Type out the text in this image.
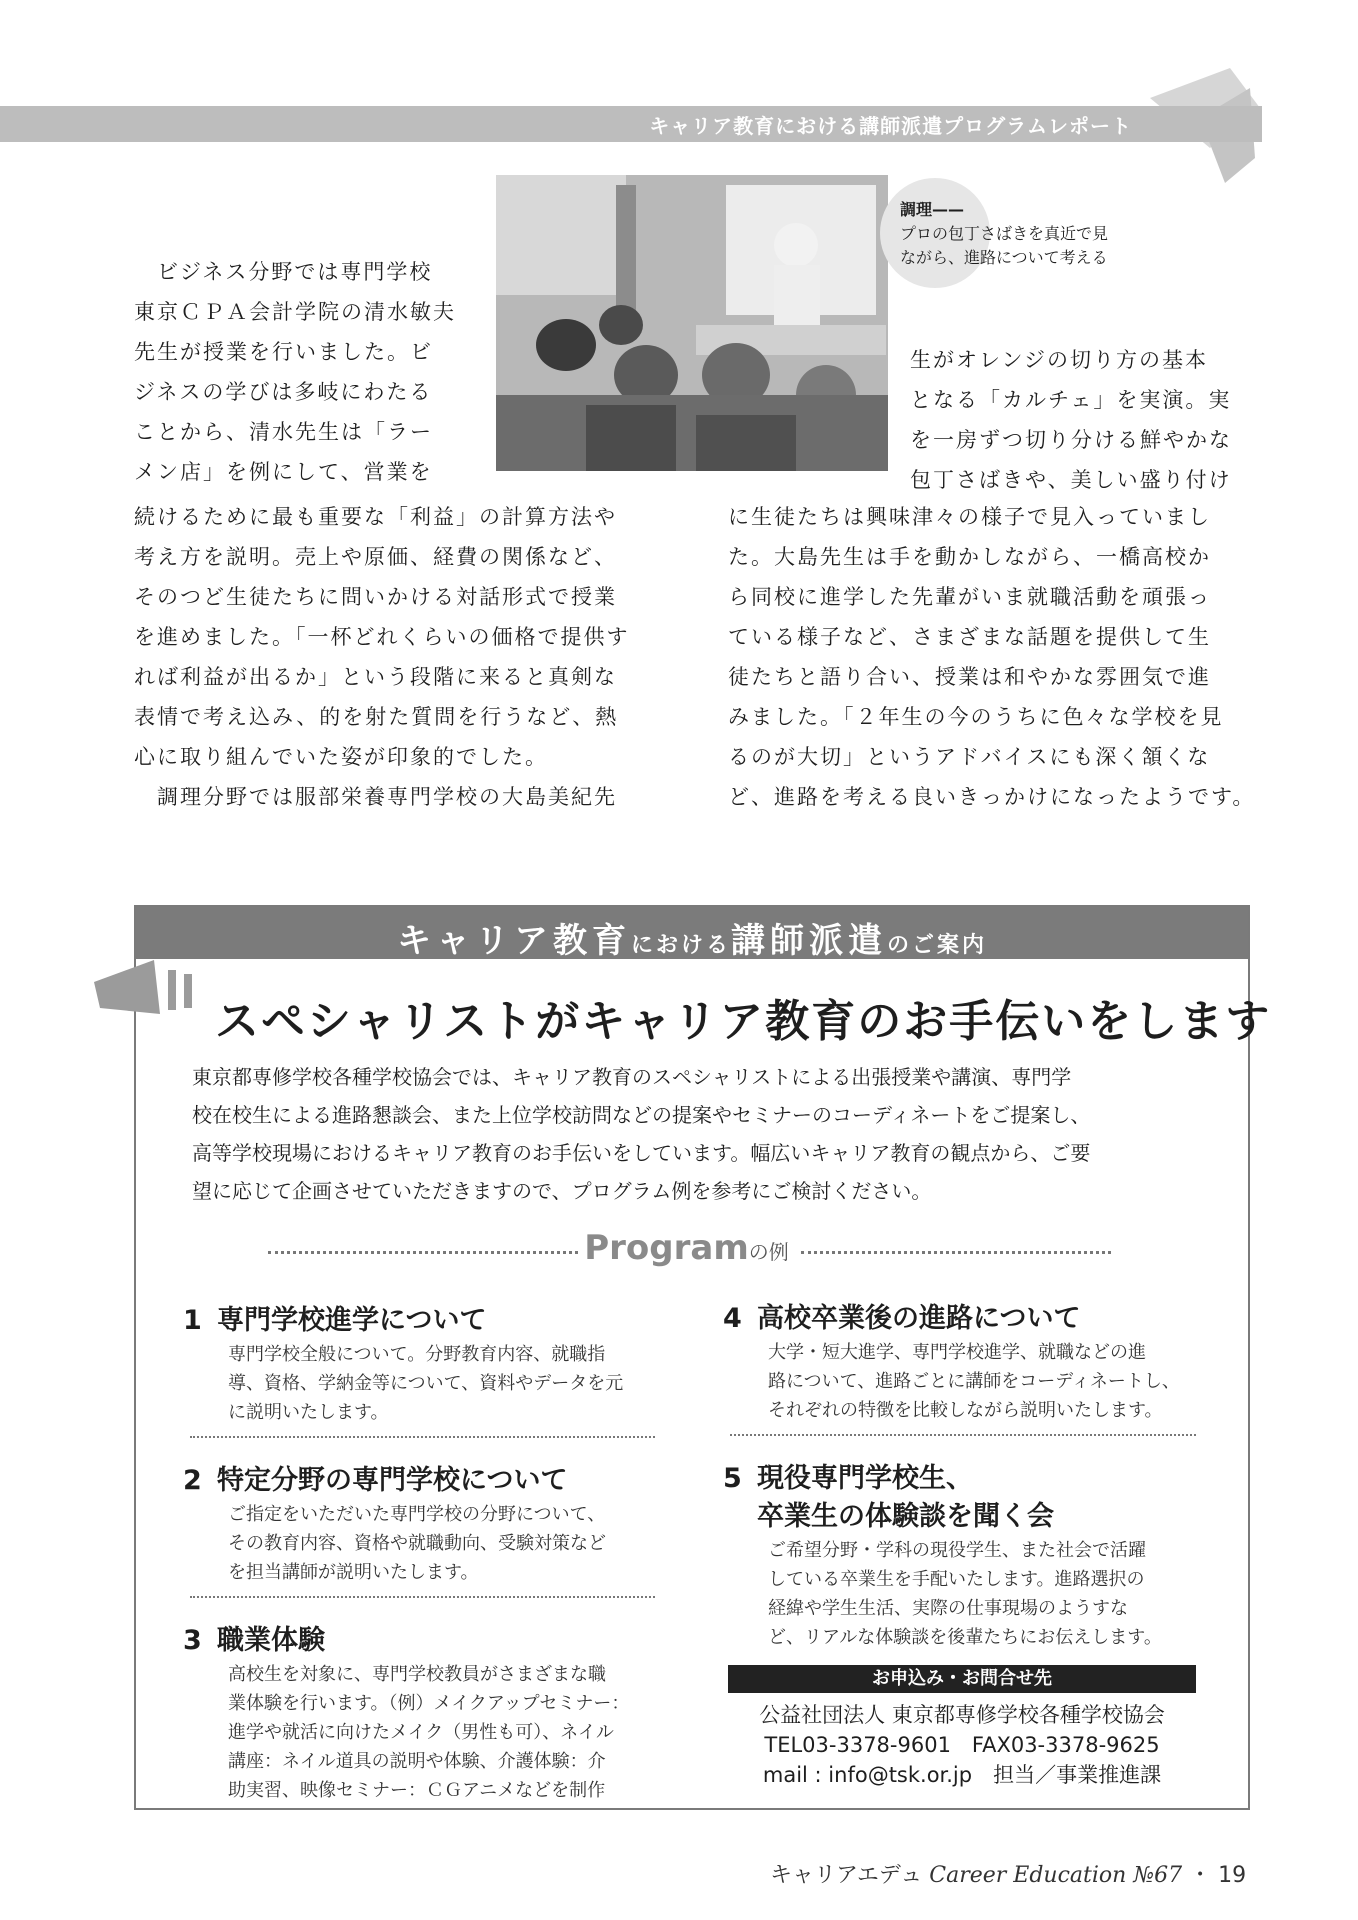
キャリア教育における講師派遣プログラムレポート
調理——
プロの包丁さばきを真近で見
ながら、進路について考える
　ビジネス分野では専門学校
東京ＣＰＡ会計学院の清水敏夫
先生が授業を行いました。ビ
ジネスの学びは多岐にわたる
ことから、清水先生は「ラー
メン店」を例にして、営業を
続けるために最も重要な「利益」の計算方法や
考え方を説明。売上や原価、経費の関係など、
そのつど生徒たちに問いかける対話形式で授業
を進めました。「一杯どれくらいの価格で提供す
れば利益が出るか」という段階に来ると真剣な
表情で考え込み、的を射た質問を行うなど、熱
心に取り組んでいた姿が印象的でした。
　調理分野では服部栄養専門学校の大島美紀先
生がオレンジの切り方の基本
となる「カルチェ」を実演。実
を一房ずつ切り分ける鮮やかな
包丁さばきや、美しい盛り付け
に生徒たちは興味津々の様子で見入っていまし
た。大島先生は手を動かしながら、一橋高校か
ら同校に進学した先輩がいま就職活動を頑張っ
ている様子など、さまざまな話題を提供して生
徒たちと語り合い、授業は和やかな雰囲気で進
みました。「２年生の今のうちに色々な学校を見
るのが大切」というアドバイスにも深く頷くな
ど、進路を考える良いきっかけになったようです。
キャリア教育における講師派遣のご案内
スペシャリストがキャリア教育のお手伝いをします
東京都専修学校各種学校協会では、キャリア教育のスペシャリストによる出張授業や講演、専門学
校在校生による進路懇談会、また上位学校訪問などの提案やセミナーのコーディネートをご提案し、
高等学校現場におけるキャリア教育のお手伝いをしています。幅広いキャリア教育の観点から、ご要
望に応じて企画させていただきますので、プログラム例を参考にご検討ください。
Programの例
1 専門学校進学について
専門学校全般について。分野教育内容、就職指
導、資格、学納金等について、資料やデータを元
に説明いたします。
2 特定分野の専門学校について
ご指定をいただいた専門学校の分野について、
その教育内容、資格や就職動向、受験対策など
を担当講師が説明いたします。
3 職業体験
高校生を対象に、専門学校教員がさまざまな職
業体験を行います。（例）メイクアップセミナー：
進学や就活に向けたメイク（男性も可）、ネイル
講座：ネイル道具の説明や体験、介護体験：介
助実習、映像セミナー：ＣＧアニメなどを制作
4 高校卒業後の進路について
大学・短大進学、専門学校進学、就職などの進
路について、進路ごとに講師をコーディネートし、
それぞれの特徴を比較しながら説明いたします。
5 現役専門学校生、
卒業生の体験談を聞く会
ご希望分野・学科の現役学生、また社会で活躍
している卒業生を手配いたします。進路選択の
経緯や学生生活、実際の仕事現場のようすな
ど、リアルな体験談を後輩たちにお伝えします。
お申込み・お問合せ先
公益社団法人 東京都専修学校各種学校協会
TEL03-3378-9601　FAX03-3378-9625
mail : info@tsk.or.jp　担当／事業推進課
キャリアエデュ Career Education №67 ・ 19
